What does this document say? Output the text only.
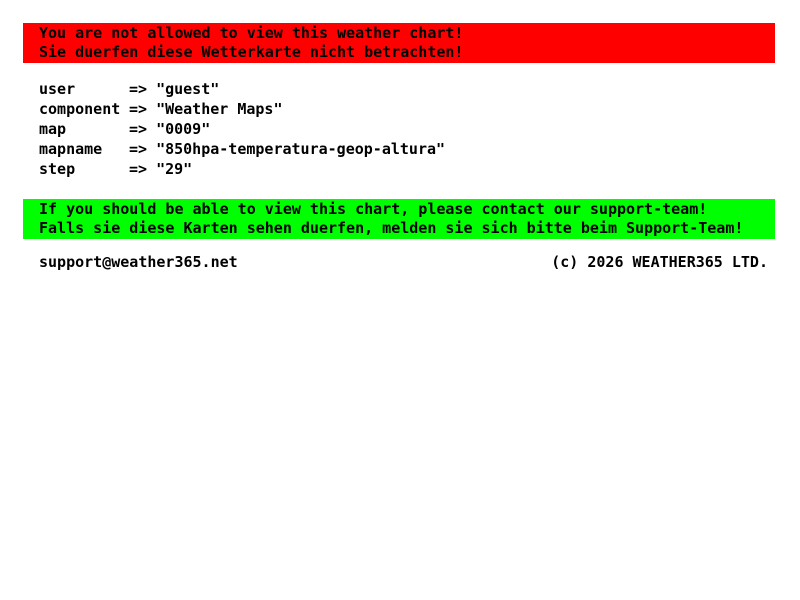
You are not allowed to view this weather chart!
Sie duerfen diese Wetterkarte nicht betrachten!
user	=> "guest"
component => "Weather Maps"
map	=> "0009"
mapname	=> "850hpa-temperatura-geop-altura"
step	=> "29"
If you should be able to view this chart, please contact our support-team!
Falls sie diese Karten sehen duerfen, melden sie sich bitte beim Support-Team!
support@weather365.net	(c) 2026 WEATHER365 LTD.
